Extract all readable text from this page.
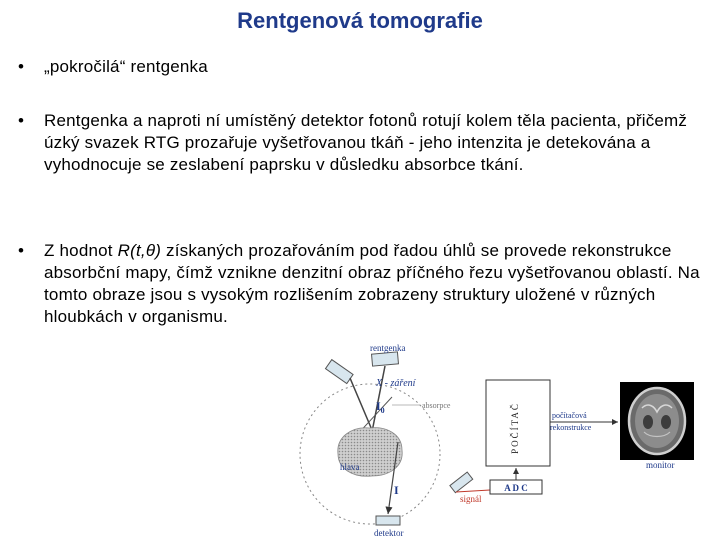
Rentgenová tomografie
•	„pokročilá“ rentgenka
•	Rentgenka a naproti ní umístěný detektor fotonů rotují kolem těla pacienta, přičemž úzký svazek RTG prozařuje vyšetřovanou tkáň - jeho intenzita je detekována a vyhodnocuje se zeslabení paprsku v důsledku absorbce tkání.
•	Z hodnot R(t,θ) získaných prozařováním pod řadou úhlů se provede rekonstrukce absorbční mapy, čímž vznikne denzitní obraz příčného řezu vyšetřovanou oblastí. Na tomto obraze jsou s vysokým rozlišením zobrazeny struktury uložené v různých hloubkách v organismu.
rentgenka
X - záření
$I_0$
absorpce
hlava
I
detektor
signál
POČÍTAČ
A D C
počítačová
rekonstrukce
monitor
